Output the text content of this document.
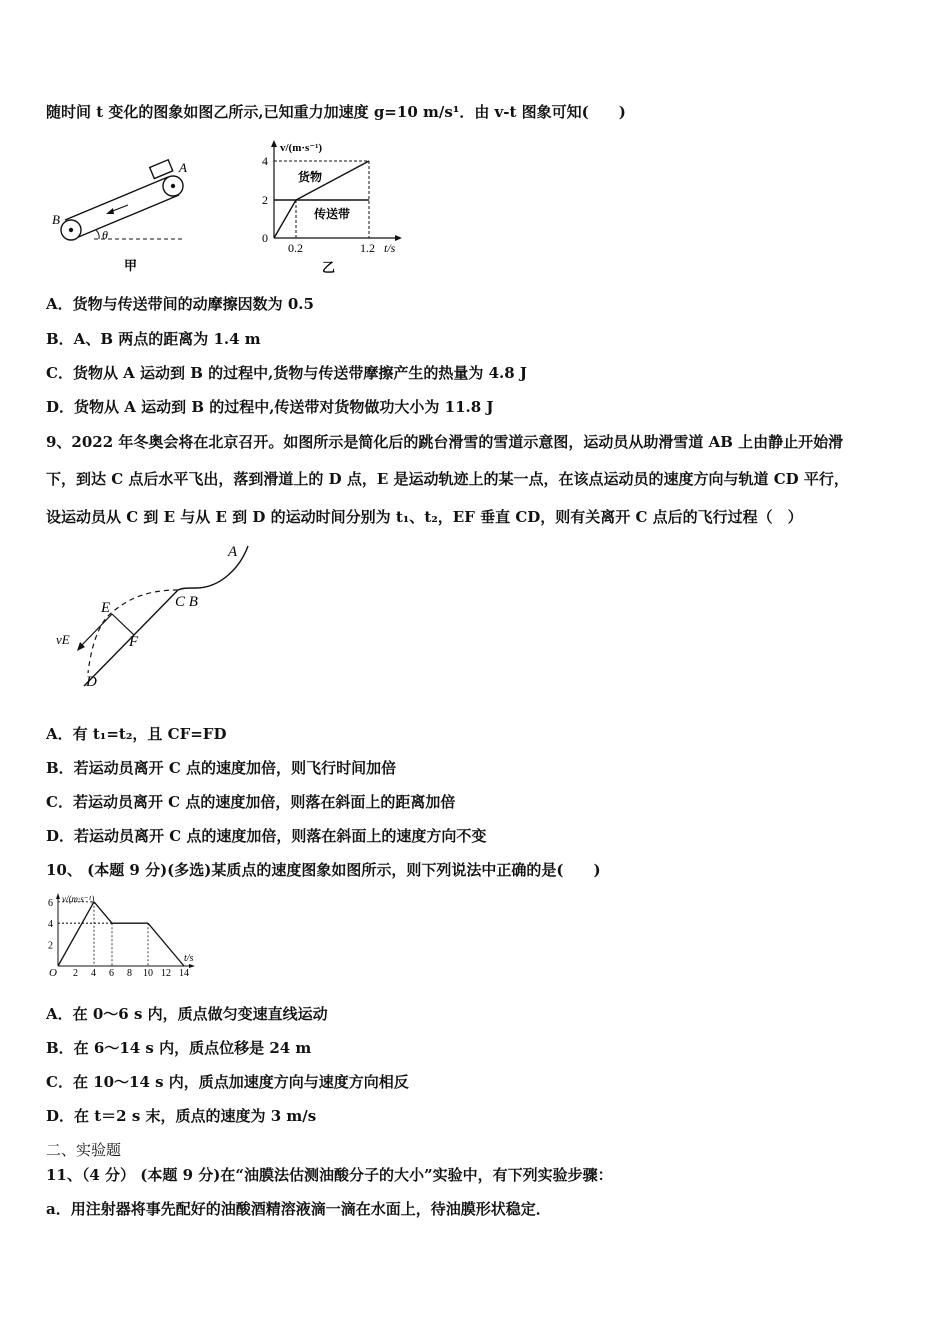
随时间 t 变化的图象如图乙所示,已知重力加速度 g=10 m/s¹．由 v-t 图象可知(　　)
A
B
θ
甲
v/(m·s⁻¹)
4
2
0
0.2	1.2 t/s
货物
传送带
乙
A．货物与传送带间的动摩擦因数为 0.5
B．A、B 两点的距离为 1.4 m
C．货物从 A 运动到 B 的过程中,货物与传送带摩擦产生的热量为 4.8 J
D．货物从 A 运动到 B 的过程中,传送带对货物做功大小为 11.8 J
9、2022 年冬奥会将在北京召开。如图所示是简化后的跳台滑雪的雪道示意图，运动员从助滑雪道 AB 上由静止开始滑
下，到达 C 点后水平飞出，落到滑道上的 D 点，E 是运动轨迹上的某一点，在该点运动员的速度方向与轨道 CD 平行，
设运动员从 C 到 E 与从 E 到 D 的运动时间分别为 t₁、t₂，EF 垂直 CD，则有关离开 C 点后的飞行过程（　）
A
C B
E
F
D
vE
A．有 t₁=t₂，且 CF=FD
B．若运动员离开 C 点的速度加倍，则飞行时间加倍
C．若运动员离开 C 点的速度加倍，则落在斜面上的距离加倍
D．若运动员离开 C 点的速度加倍，则落在斜面上的速度方向不变
10、 (本题 9 分)(多选)某质点的速度图象如图所示，则下列说法中正确的是(　　)
v/(m·s⁻¹)
t/s
O 2 4 6 8 10 12 14
6
4
2
A．在 0～6 s 内，质点做匀变速直线运动
B．在 6～14 s 内，质点位移是 24 m
C．在 10～14 s 内，质点加速度方向与速度方向相反
D．在 t＝2 s 末，质点的速度为 3 m/s
二、实验题
11、（4 分） (本题 9 分)在“油膜法估测油酸分子的大小”实验中，有下列实验步骤：
a．用注射器将事先配好的油酸酒精溶液滴一滴在水面上，待油膜形状稳定．
